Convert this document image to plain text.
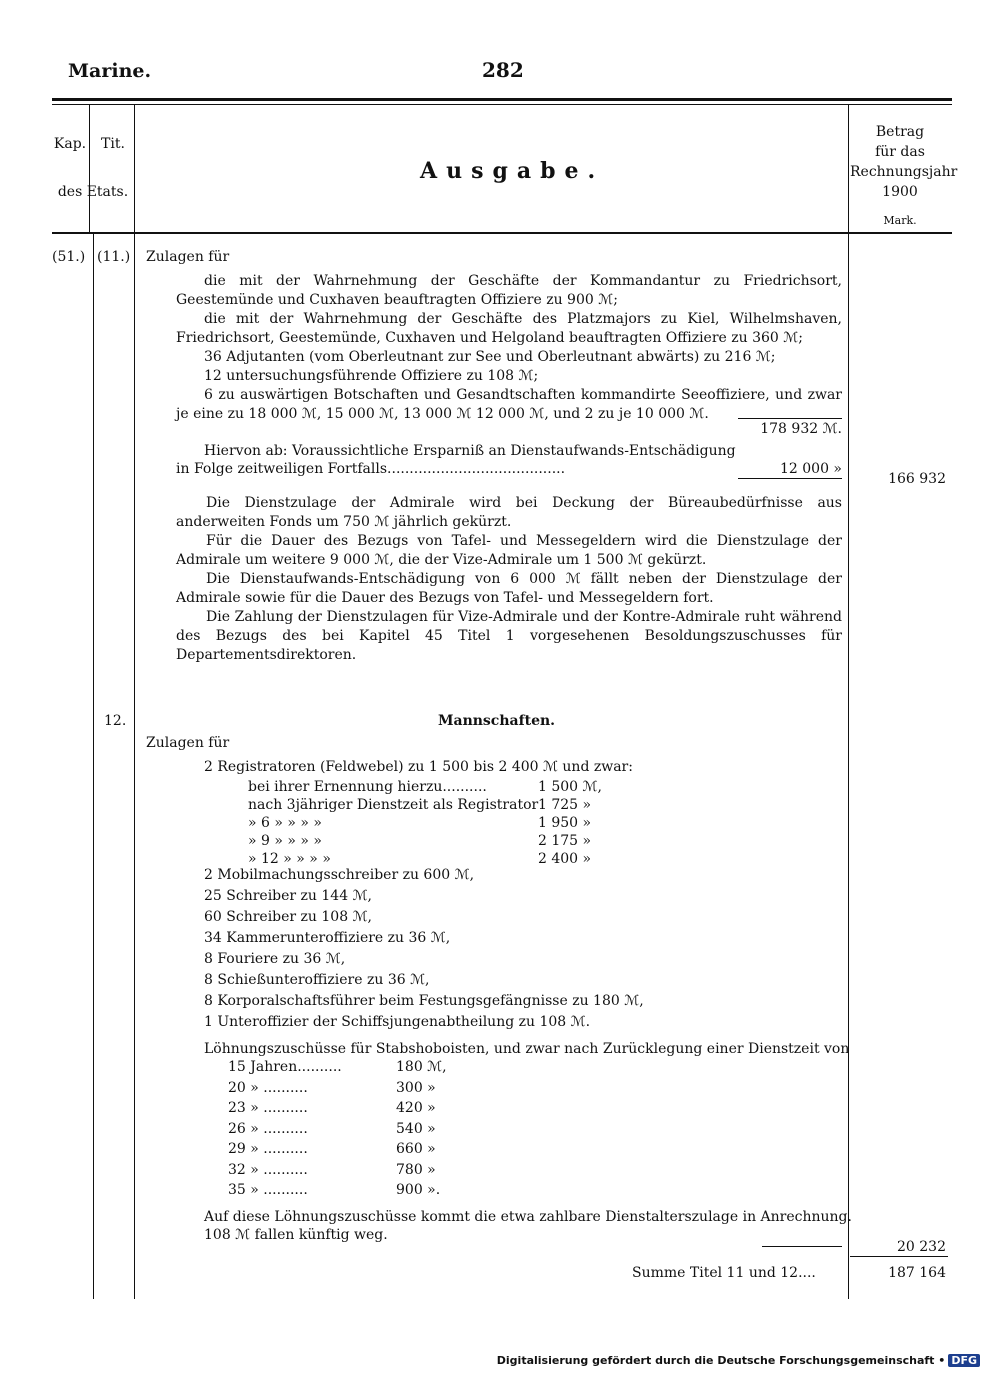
Marine.	282
Kap.	Tit.
des Etats.
Ausgabe.
Betrag
für das
Rechnungsjahr
1900
Mark.
(51.) (11.) Zulagen für

die mit der Wahrnehmung der Geschäfte der Kommandantur zu Friedrichsort, Geestemünde und Cuxhaven beauftragten Offiziere zu 900 ℳ;

die mit der Wahrnehmung der Geschäfte des Platzmajors zu Kiel, Wilhelmshaven, Friedrichsort, Geestemünde, Cuxhaven und Helgoland beauftragten Offiziere zu 360 ℳ;

36 Adjutanten (vom Oberleutnant zur See und Oberleutnant abwärts) zu 216 ℳ;

12 untersuchungsführende Offiziere zu 108 ℳ;

6 zu auswärtigen Botschaften und Gesandtschaften kommandirte Seeoffiziere, und zwar je eine zu 18 000 ℳ, 15 000 ℳ, 13 000 ℳ 12 000 ℳ, und 2 zu je 10 000 ℳ.

178 932 ℳ.
Hiervon ab: Voraussichtliche Ersparniß an Dienstaufwands-Entschädigung
in Folge zeitweiligen Fortfalls........................................	12 000 »
166 932

Die Dienstzulage der Admirale wird bei Deckung der Büreaubedürfnisse aus anderweiten Fonds um 750 ℳ jährlich gekürzt.

Für die Dauer des Bezugs von Tafel- und Messegeldern wird die Dienstzulage der Admirale um weitere 9 000 ℳ, die der Vize-Admirale um 1 500 ℳ gekürzt.

Die Dienstaufwands-Entschädigung von 6 000 ℳ fällt neben der Dienstzulage der Admirale sowie für die Dauer des Bezugs von Tafel- und Messegeldern fort.

Die Zahlung der Dienstzulagen für Vize-Admirale und der Kontre-Admirale ruht während des Bezugs des bei Kapitel 45 Titel 1 vorgesehenen Besoldungszuschusses für Departementsdirektoren.

12.	Mannschaften.
Zulagen für
2 Registratoren (Feldwebel) zu 1 500 bis 2 400 ℳ und zwar:
bei ihrer Ernennung hierzu..........	1 500 ℳ,
nach 3jähriger Dienstzeit als Registrator 1 725 »
» 6 » » » »	1 950 »
» 9 » » » »	2 175 »
» 12 » » » »	2 400 »
2 Mobilmachungsschreiber zu 600 ℳ,
25 Schreiber zu 144 ℳ,
60 Schreiber zu 108 ℳ,
34 Kammerunteroffiziere zu 36 ℳ,
8 Fouriere zu 36 ℳ,
8 Schießunteroffiziere zu 36 ℳ,
8 Korporalschaftsführer beim Festungsgefängnisse zu 180 ℳ,
1 Unteroffizier der Schiffsjungenabtheilung zu 108 ℳ.
Löhnungszuschüsse für Stabshoboisten, und zwar nach Zurücklegung einer Dienstzeit von
15 Jahren..........	180 ℳ,
20 » ..........	300 »
23 » ..........	420 »
26 » ..........	540 »
29 » ..........	660 »
32 » ..........	780 »
35 » ..........	900 ».
Auf diese Löhnungszuschüsse kommt die etwa zahlbare Dienstalterszulage in Anrechnung.
108 ℳ fallen künftig weg.
20 232
Summe Titel 11 und 12....	187 164
Digitalisierung gefördert durch die Deutsche Forschungsgemeinschaft • DFG
